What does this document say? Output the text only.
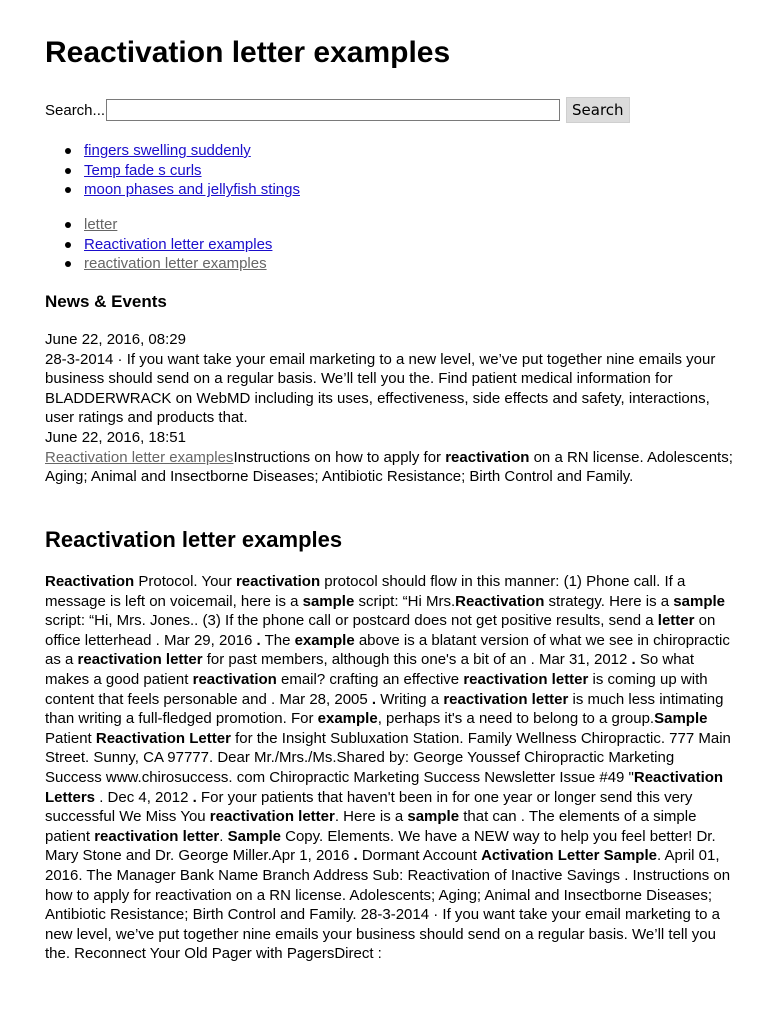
Reactivation letter examples
Search...	Search
fingers swelling suddenly
Temp fade s curls
moon phases and jellyfish stings
letter
Reactivation letter examples
reactivation letter examples
News & Events

June 22, 2016, 08:29

28-3-2014 · If you want take your email marketing to a new level, we’ve put together nine emails your business should send on a regular basis. We’ll tell you the. Find patient medical information for BLADDERWRACK on WebMD including its uses, effectiveness, side effects and safety, interactions, user ratings and products that.

June 22, 2016, 18:51

Reactivation letter examplesInstructions on how to apply for reactivation on a RN license. Adolescents; Aging; Animal and Insectborne Diseases; Antibiotic Resistance; Birth Control and Family.

Reactivation letter examples

Reactivation Protocol. Your reactivation protocol should flow in this manner: (1) Phone call. If a message is left on voicemail, here is a sample script: “Hi Mrs.Reactivation strategy. Here is a sample script: “Hi, Mrs. Jones.. (3) If the phone call or postcard does not get positive results, send a letter on office letterhead . Mar 29, 2016 . The example above is a blatant version of what we see in chiropractic as a reactivation letter for past members, although this one's a bit of an . Mar 31, 2012 . So what makes a good patient reactivation email? crafting an effective reactivation letter is coming up with content that feels personable and . Mar 28, 2005 . Writing a reactivation letter is much less intimating than writing a full-fledged promotion. For example, perhaps it's a need to belong to a group.Sample Patient Reactivation Letter for the Insight Subluxation Station. Family Wellness Chiropractic. 777 Main Street. Sunny, CA 97777. Dear Mr./Mrs./Ms.Shared by: George Youssef Chiropractic Marketing Success www.chirosuccess. com Chiropractic Marketing Success Newsletter Issue #49 "Reactivation Letters . Dec 4, 2012 . For your patients that haven't been in for one year or longer send this very successful We Miss You reactivation letter. Here is a sample that can . The elements of a simple patient reactivation letter. Sample Copy. Elements. We have a NEW way to help you feel better! Dr. Mary Stone and Dr. George Miller.Apr 1, 2016 . Dormant Account Activation Letter Sample. April 01, 2016. The Manager Bank Name Branch Address Sub: Reactivation of Inactive Savings . Instructions on how to apply for reactivation on a RN license. Adolescents; Aging; Animal and Insectborne Diseases; Antibiotic Resistance; Birth Control and Family. 28-3-2014 · If you want take your email marketing to a new level, we’ve put together nine emails your business should send on a regular basis. We’ll tell you the. Reconnect Your Old Pager with PagersDirect :
